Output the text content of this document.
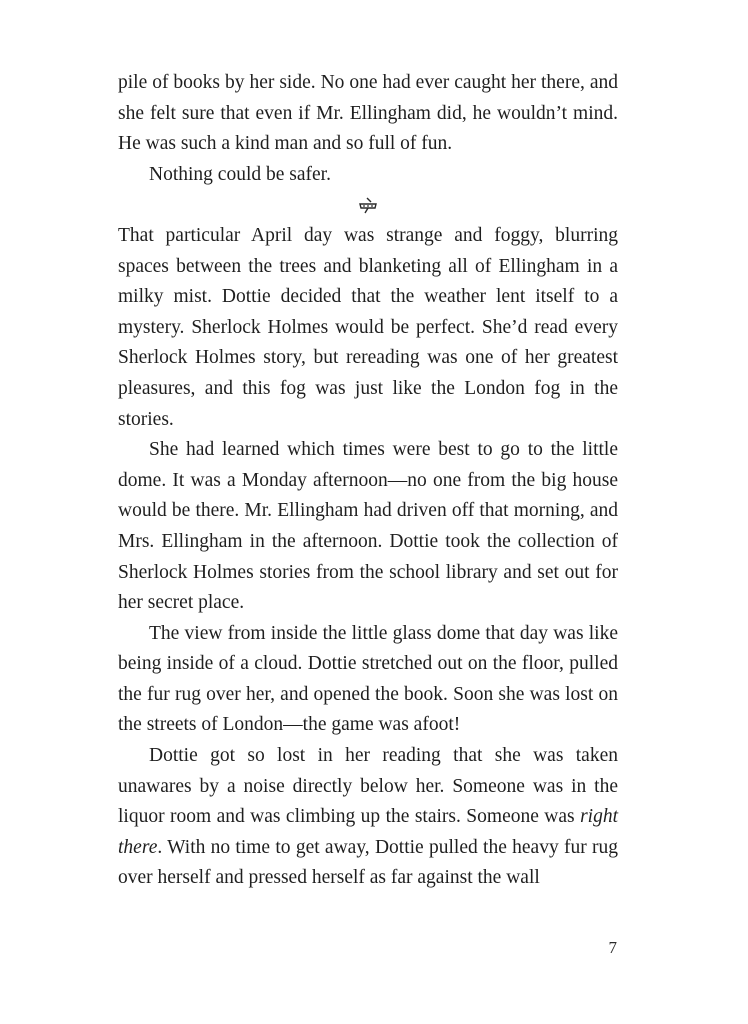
pile of books by her side. No one had ever caught her there, and she felt sure that even if Mr. Ellingham did, he wouldn’t mind. He was such a kind man and so full of fun.

Nothing could be safer.

That particular April day was strange and foggy, blurring spaces between the trees and blanketing all of Ellingham in a milky mist. Dottie decided that the weather lent itself to a mystery. Sherlock Holmes would be perfect. She’d read every Sherlock Holmes story, but rereading was one of her greatest pleasures, and this fog was just like the London fog in the stories.

She had learned which times were best to go to the little dome. It was a Monday afternoon—no one from the big house would be there. Mr. Ellingham had driven off that morning, and Mrs. Ellingham in the afternoon. Dottie took the collection of Sherlock Holmes stories from the school library and set out for her secret place.

The view from inside the little glass dome that day was like being inside of a cloud. Dottie stretched out on the floor, pulled the fur rug over her, and opened the book. Soon she was lost on the streets of London—the game was afoot!

Dottie got so lost in her reading that she was taken unawares by a noise directly below her. Someone was in the liquor room and was climbing up the stairs. Someone was right there. With no time to get away, Dottie pulled the heavy fur rug over herself and pressed herself as far against the wall

7
